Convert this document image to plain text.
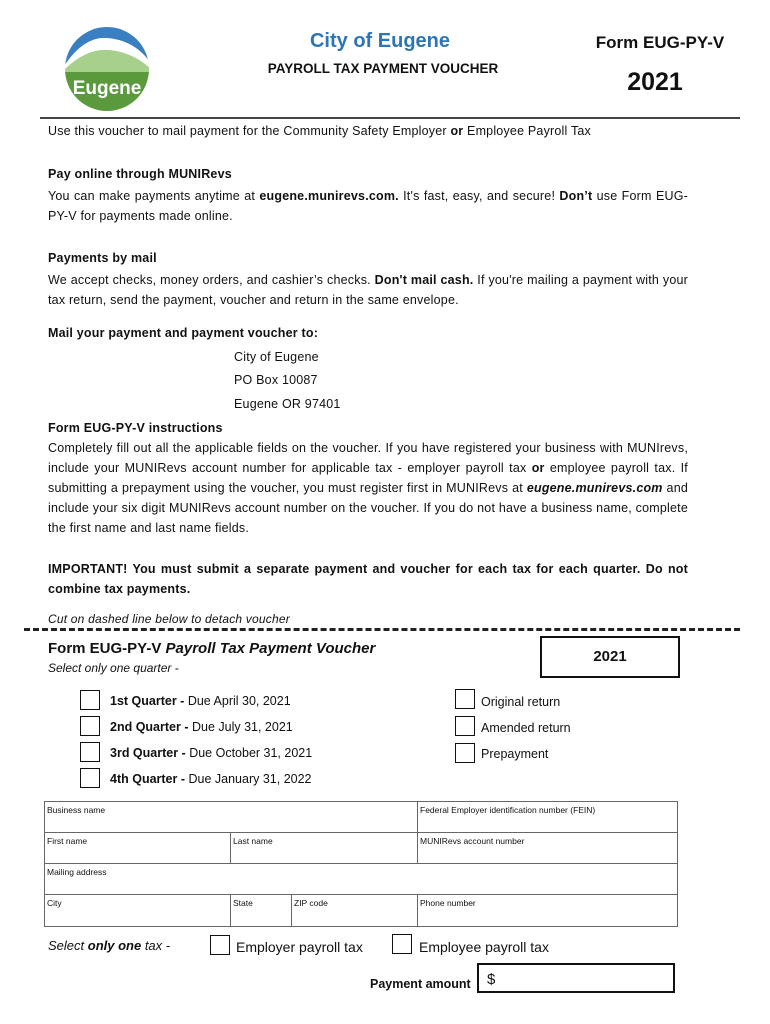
Eugene
City of Eugene
PAYROLL TAX PAYMENT VOUCHER
Form EUG-PY-V
2021
Use this voucher to mail payment for the Community Safety Employer or Employee Payroll Tax
Pay online through MUNIRevs
You can make payments anytime at eugene.munirevs.com. It's fast, easy, and secure! Don’t use Form EUG-PY-V for payments made online.
Payments by mail
We accept checks, money orders, and cashier’s checks. Don't mail cash. If you're mailing a payment with your tax return, send the payment, voucher and return in the same envelope.
Mail your payment and payment voucher to:
City of Eugene
PO Box 10087
Eugene OR 97401
Form EUG-PY-V instructions
Completely fill out all the applicable fields on the voucher. If you have registered your business with MUNIrevs, include your MUNIRevs account number for applicable tax - employer payroll tax or employee payroll tax. If submitting a prepayment using the voucher, you must register first in MUNIRevs at eugene.munirevs.com and include your six digit MUNIRevs account number on the voucher. If you do not have a business name, complete the first name and last name fields.
IMPORTANT! You must submit a separate payment and voucher for each tax for each quarter. Do not combine tax payments.
Cut on dashed line below to detach voucher
Form EUG-PY-V Payroll Tax Payment Voucher
Select only one quarter -
2021
1st Quarter - Due April 30, 2021
2nd Quarter - Due July 31, 2021
3rd Quarter - Due October 31, 2021
4th Quarter - Due January 31, 2022
Original return
Amended return
Prepayment
Business name	Federal Employer identification number (FEIN)
First name	Last name	MUNIRevs account number
Mailing address
City	State	ZIP code	Phone number
Select only one tax -	Employer payroll tax	Employee payroll tax
Payment amount	$
